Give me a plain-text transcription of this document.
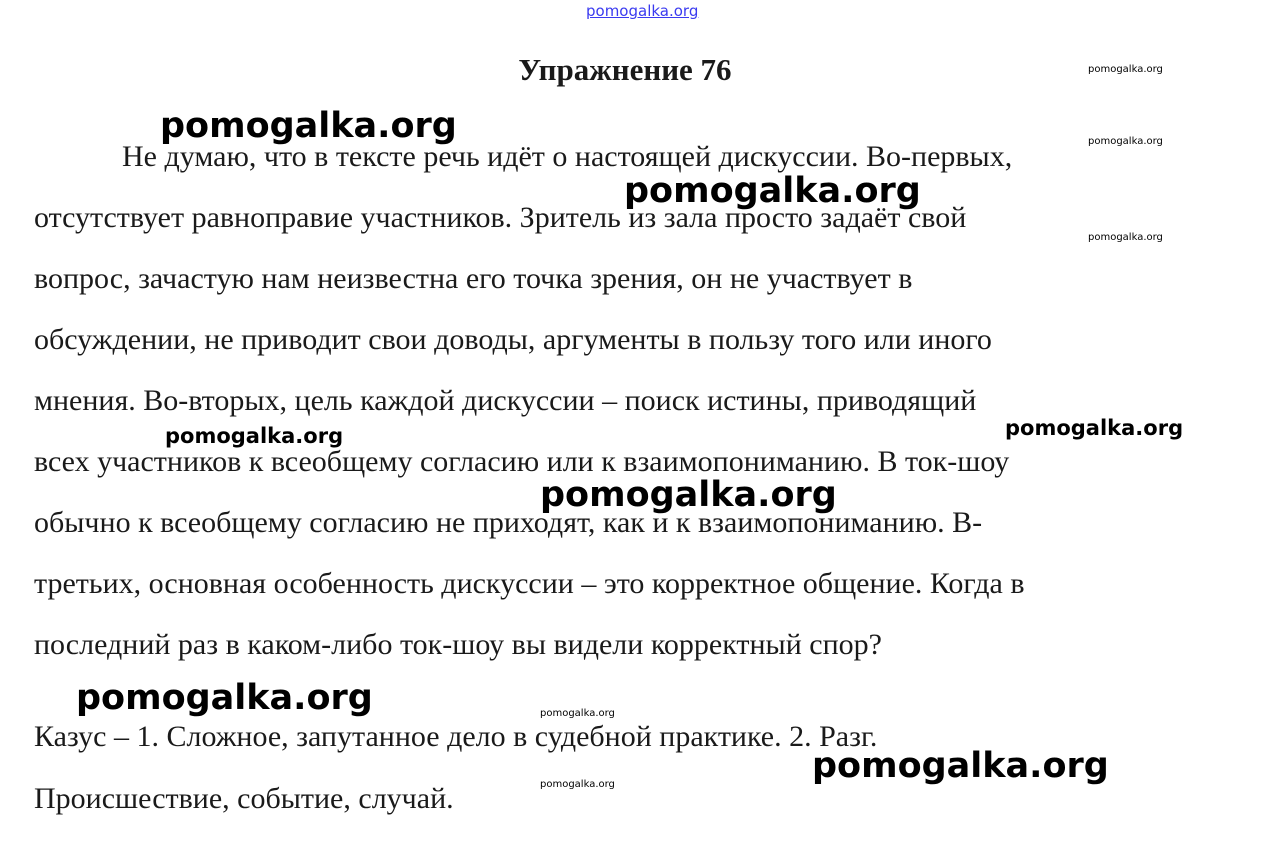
pomogalka.org
Упражнение 76
Не думаю, что в тексте речь идёт о настоящей дискуссии. Во-первых,
отсутствует равноправие участников. Зритель из зала просто задаёт свой
вопрос, зачастую нам неизвестна его точка зрения, он не участвует в
обсуждении, не приводит свои доводы, аргументы в пользу того или иного
мнения. Во-вторых, цель каждой дискуссии – поиск истины, приводящий
всех участников к всеобщему согласию или к взаимопониманию. В ток-шоу
обычно к всеобщему согласию не приходят, как и к взаимопониманию. В-
третьих, основная особенность дискуссии – это корректное общение. Когда в
последний раз в каком-либо ток-шоу вы видели корректный спор?
Казус – 1. Сложное, запутанное дело в судебной практике. 2. Разг.
Происшествие, событие, случай.
pomogalka.org
pomogalka.org
pomogalka.org
pomogalka.org
pomogalka.org
pomogalka.org	pomogalka.org
pomogalka.org
pomogalka.org
pomogalka.org
pomogalka.org
pomogalka.org
